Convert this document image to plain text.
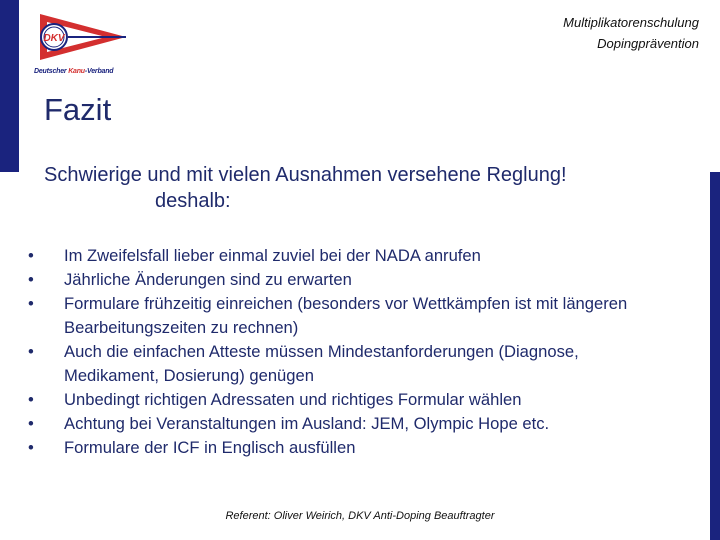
DKV
Deutscher Kanu-Verband
Multiplikatorenschulung
Dopingprävention
Fazit
Schwierige und mit vielen Ausnahmen versehene Reglung!
deshalb:
• Im Zweifelsfall lieber einmal zuviel bei der NADA anrufen
• Jährliche Änderungen sind zu erwarten
• Formulare frühzeitig einreichen (besonders vor Wettkämpfen ist mit längeren Bearbeitungszeiten zu rechnen)
• Auch die einfachen Atteste müssen Mindestanforderungen (Diagnose, Medikament, Dosierung) genügen
• Unbedingt richtigen Adressaten und richtiges Formular wählen
• Achtung bei Veranstaltungen im Ausland: JEM, Olympic Hope etc.
• Formulare der ICF in Englisch ausfüllen
Referent: Oliver Weirich, DKV Anti-Doping Beauftragter
